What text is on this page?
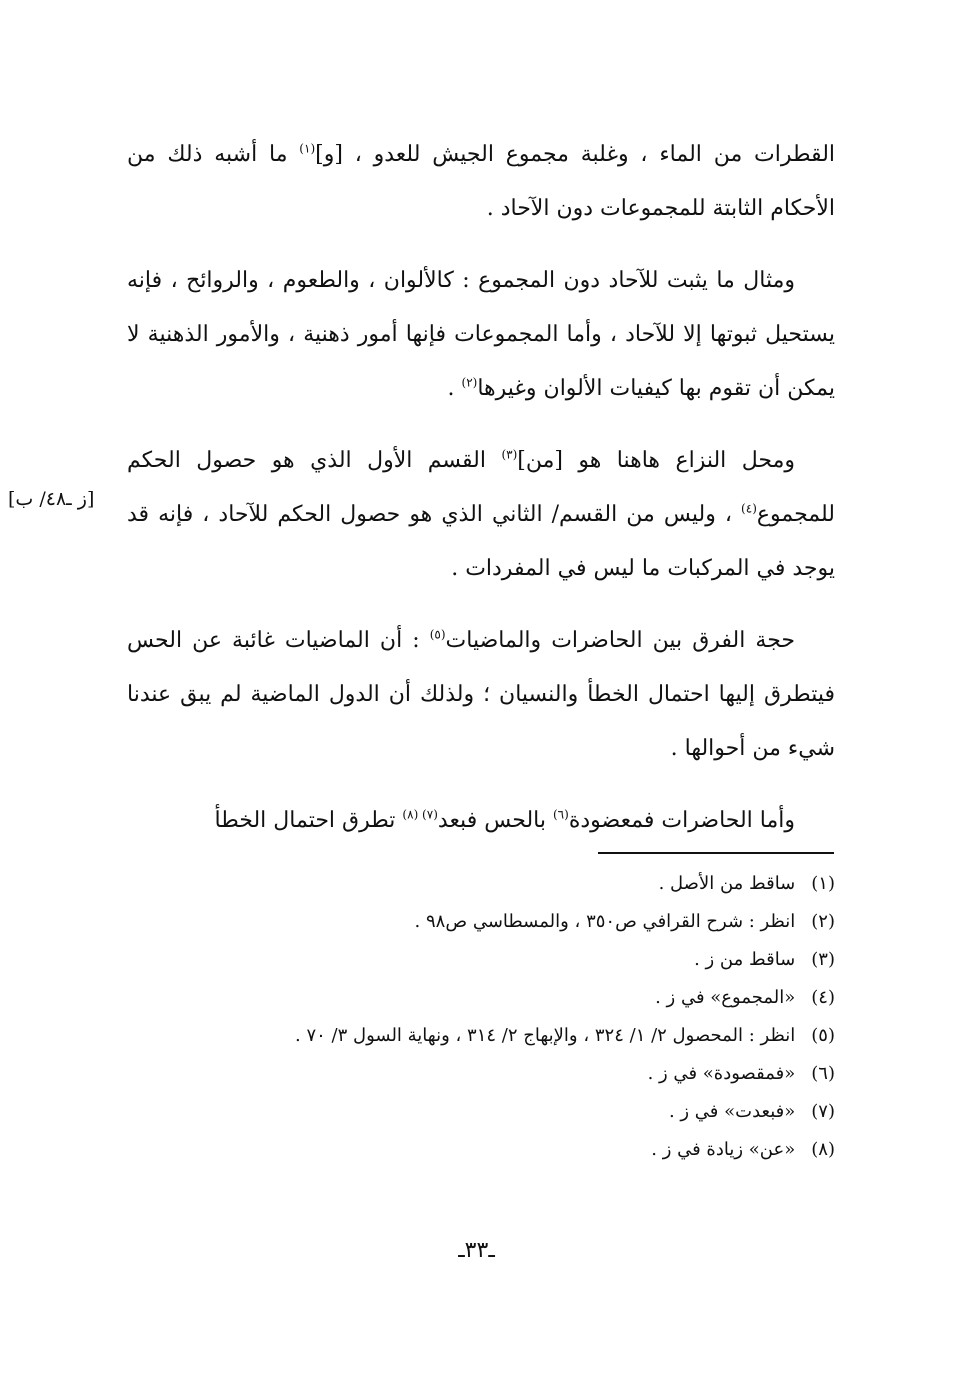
القطرات من الماء ، وغلبة مجموع الجيش للعدو ، [و]$^{(١)}$ ما أشبه ذلك من الأحكام الثابتة للمجموعات دون الآحاد .

ومثال ما يثبت للآحاد دون المجموع : كالألوان ، والطعوم ، والروائح ، فإنه يستحيل ثبوتها إلا للآحاد ، وأما المجموعات فإنها أمور ذهنية ، والأمور الذهنية لا يمكن أن تقوم بها كيفيات الألوان وغيرها$^{(٢)}$ .

ومحل النزاع هاهنا هو [من]$^{(٣)}$ القسم الأول الذي هو حصول الحكم للمجموع$^{(٤)}$ ، وليس من القسم/ الثاني الذي هو حصول الحكم للآحاد ، فإنه قد يوجد في المركبات ما ليس في المفردات .

حجة الفرق بين الحاضرات والماضيات$^{(٥)}$ : أن الماضيات غائبة عن الحس فيتطرق إليها احتمال الخطأ والنسيان ؛ ولذلك أن الدول الماضية لم يبق عندنا شيء من أحوالها .

وأما الحاضرات فمعضودة$^{(٦)}$ بالحس فبعد$^{(٧) (٨)}$ تطرق احتمال الخطأ

[ز ـ٤٨/ ب]
(١) ساقط من الأصل .
(٢) انظر : شرح القرافي ص٣٥٠ ، والمسطاسي ص٩٨ .
(٣) ساقط من ز .
(٤) «المجموع» في ز .
(٥) انظر : المحصول ٢/ ١/ ٣٢٤ ، والإبهاج ٢/ ٣١٤ ، ونهاية السول ٣/ ٧٠ .
(٦) «فمقصودة» في ز .
(٧) «فبعدت» في ز .
(٨) «عن» زيادة في ز .
ـ٣٣ـ
